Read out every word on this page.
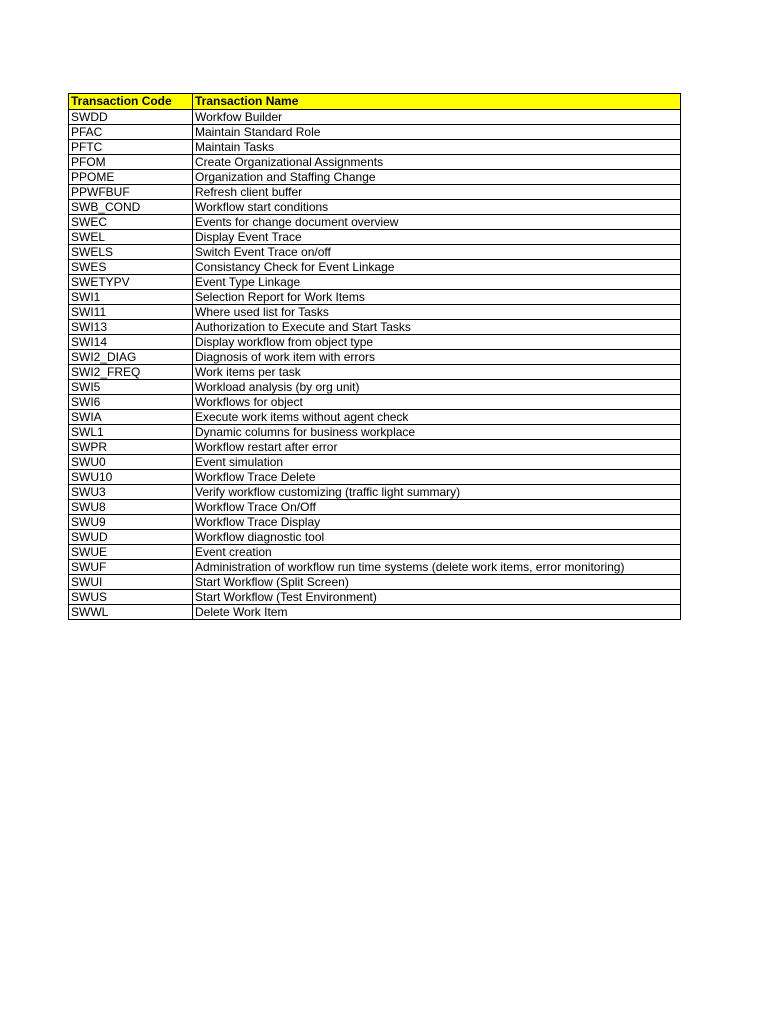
Transaction Code	Transaction Name
SWDD	Workfow Builder
PFAC	Maintain Standard Role
PFTC	Maintain Tasks
PFOM	Create Organizational Assignments
PPOME	Organization and Staffing Change
PPWFBUF	Refresh client buffer
SWB_COND	Workflow start conditions
SWEC	Events for change document overview
SWEL	Display Event Trace
SWELS	Switch Event Trace on/off
SWES	Consistancy Check for Event Linkage
SWETYPV	Event Type Linkage
SWI1	Selection Report for Work Items
SWI11	Where used list for Tasks
SWI13	Authorization to Execute and Start Tasks
SWI14	Display workflow from object type
SWI2_DIAG	Diagnosis of work item with errors
SWI2_FREQ	Work items per task
SWI5	Workload analysis (by org unit)
SWI6	Workflows for object
SWIA	Execute work items without agent check
SWL1	Dynamic columns for business workplace
SWPR	Workflow restart after error
SWU0	Event simulation
SWU10	Workflow Trace Delete
SWU3	Verify workflow customizing (traffic light summary)
SWU8	Workflow Trace On/Off
SWU9	Workflow Trace Display
SWUD	Workflow diagnostic tool
SWUE	Event creation
SWUF	Administration of workflow run time systems (delete work items, error monitoring)
SWUI	Start Workflow (Split Screen)
SWUS	Start Workflow (Test Environment)
SWWL	Delete Work Item
